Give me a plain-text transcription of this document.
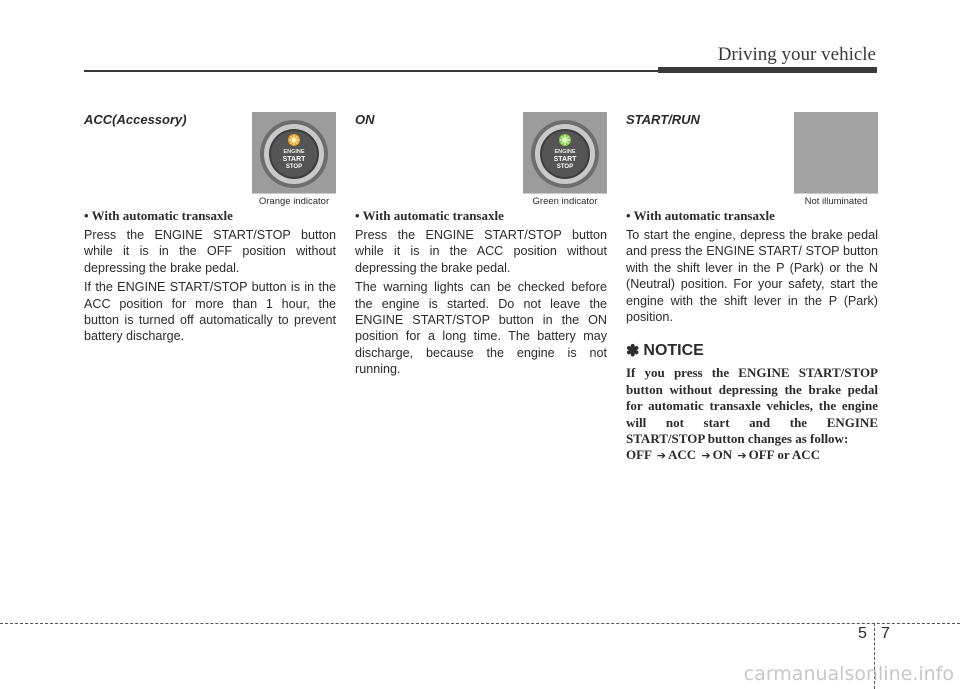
Driving your vehicle
ACC(Accessory)
ENGINE
START
STOP
Orange indicator

• With automatic transaxle

Press the ENGINE START/STOP button while it is in the OFF position without depressing the brake pedal.

If the ENGINE START/STOP button is in the ACC position for more than 1 hour, the button is turned off automatically to prevent battery discharge.

ON
ENGINE
START
STOP
Green indicator

• With automatic transaxle

Press the ENGINE START/STOP button while it is in the ACC position without depressing the brake pedal.

The warning lights can be checked before the engine is started. Do not leave the ENGINE START/STOP button in the ON position for a long time. The battery may discharge, because the engine is not running.

START/RUN
Not illuminated

• With automatic transaxle

To start the engine, depress the brake pedal and press the ENGINE START/ STOP button with the shift lever in the P (Park) or the N (Neutral) position. For your safety, start the engine with the shift lever in the P (Park) position.

✽ NOTICE

If you press the ENGINE START/STOP button without depressing the brake pedal for automatic transaxle vehicles, the engine will not start and the ENGINE START/STOP button changes as follow:

OFF ➔ ACC ➔ ON ➔ OFF or ACC

5 7
carmanualsonline.info
